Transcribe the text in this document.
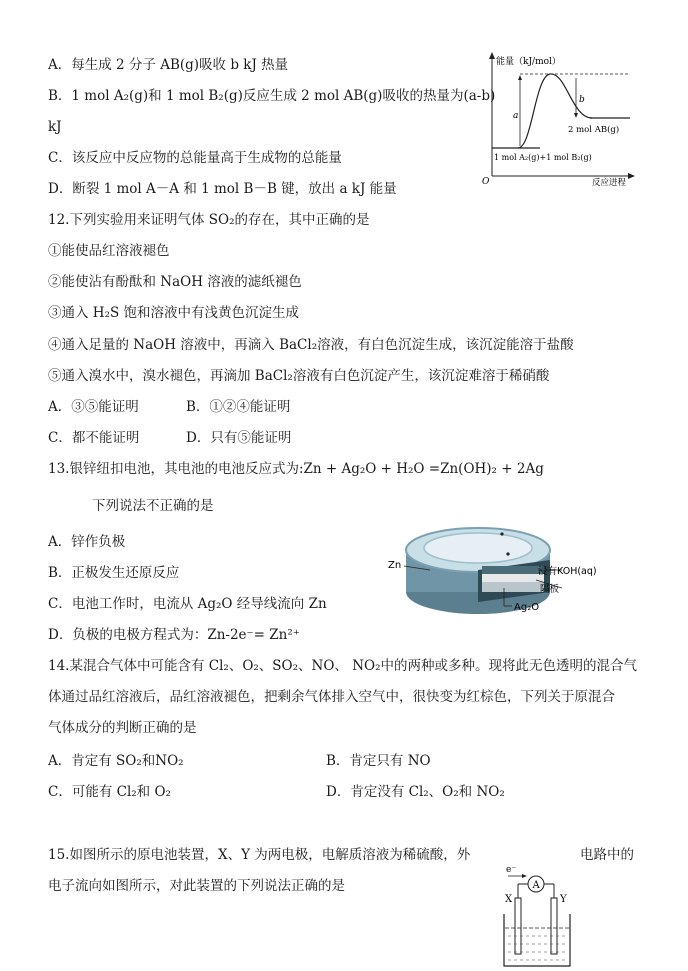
A．每生成 2 分子 AB(g)吸收 b kJ 热量
B．1 mol A₂(g)和 1 mol B₂(g)反应生成 2 mol AB(g)吸收的热量为(a-b)
kJ
C．该反应中反应物的总能量高于生成物的总能量
D．断裂 1 mol A－A 和 1 mol B－B 键，放出 a kJ 能量
能量（kJ/mol）
反应进程
O
a
b
2 mol AB(g)
1 mol A₂(g)+1 mol B₂(g)
12.下列实验用来证明气体 SO₂的存在，其中正确的是
①能使品红溶液褪色
②能使沾有酚酞和 NaOH 溶液的滤纸褪色
③通入 H₂S 饱和溶液中有浅黄色沉淀生成
④通入足量的 NaOH 溶液中，再滴入 BaCl₂溶液，有白色沉淀生成，该沉淀能溶于盐酸
⑤通入溴水中，溴水褪色，再滴加 BaCl₂溶液有白色沉淀产生，该沉淀难溶于稀硝酸
A．③⑤能证明	B．①②④能证明
C．都不能证明	D．只有⑤能证明
13.银锌纽扣电池，其电池的电池反应式为:Zn + Ag₂O + H₂O =Zn(OH)₂ + 2Ag
下列说法不正确的是
A．锌作负极
B．正极发生还原反应
C．电池工作时，电流从 Ag₂O 经导线流向 Zn
D．负极的电极方程式为：Zn-2e⁻= Zn²⁺
Zn
浸有KOH(aq)
隔板
Ag₂O
14.某混合气体中可能含有 Cl₂、O₂、SO₂、NO、 NO₂中的两种或多种。现将此无色透明的混合气
体通过品红溶液后，品红溶液褪色，把剩余气体排入空气中，很快变为红棕色，下列关于原混合
气体成分的判断正确的是
A．肯定有 SO₂和NO₂	B．肯定只有 NO
C．可能有 Cl₂和 O₂	D．肯定没有 Cl₂、O₂和 NO₂
15.如图所示的原电池装置，X、Y 为两电极，电解质溶液为稀硫酸，外	电路中的
电子流向如图所示，对此装置的下列说法正确的是
e⁻
A
X	Y
